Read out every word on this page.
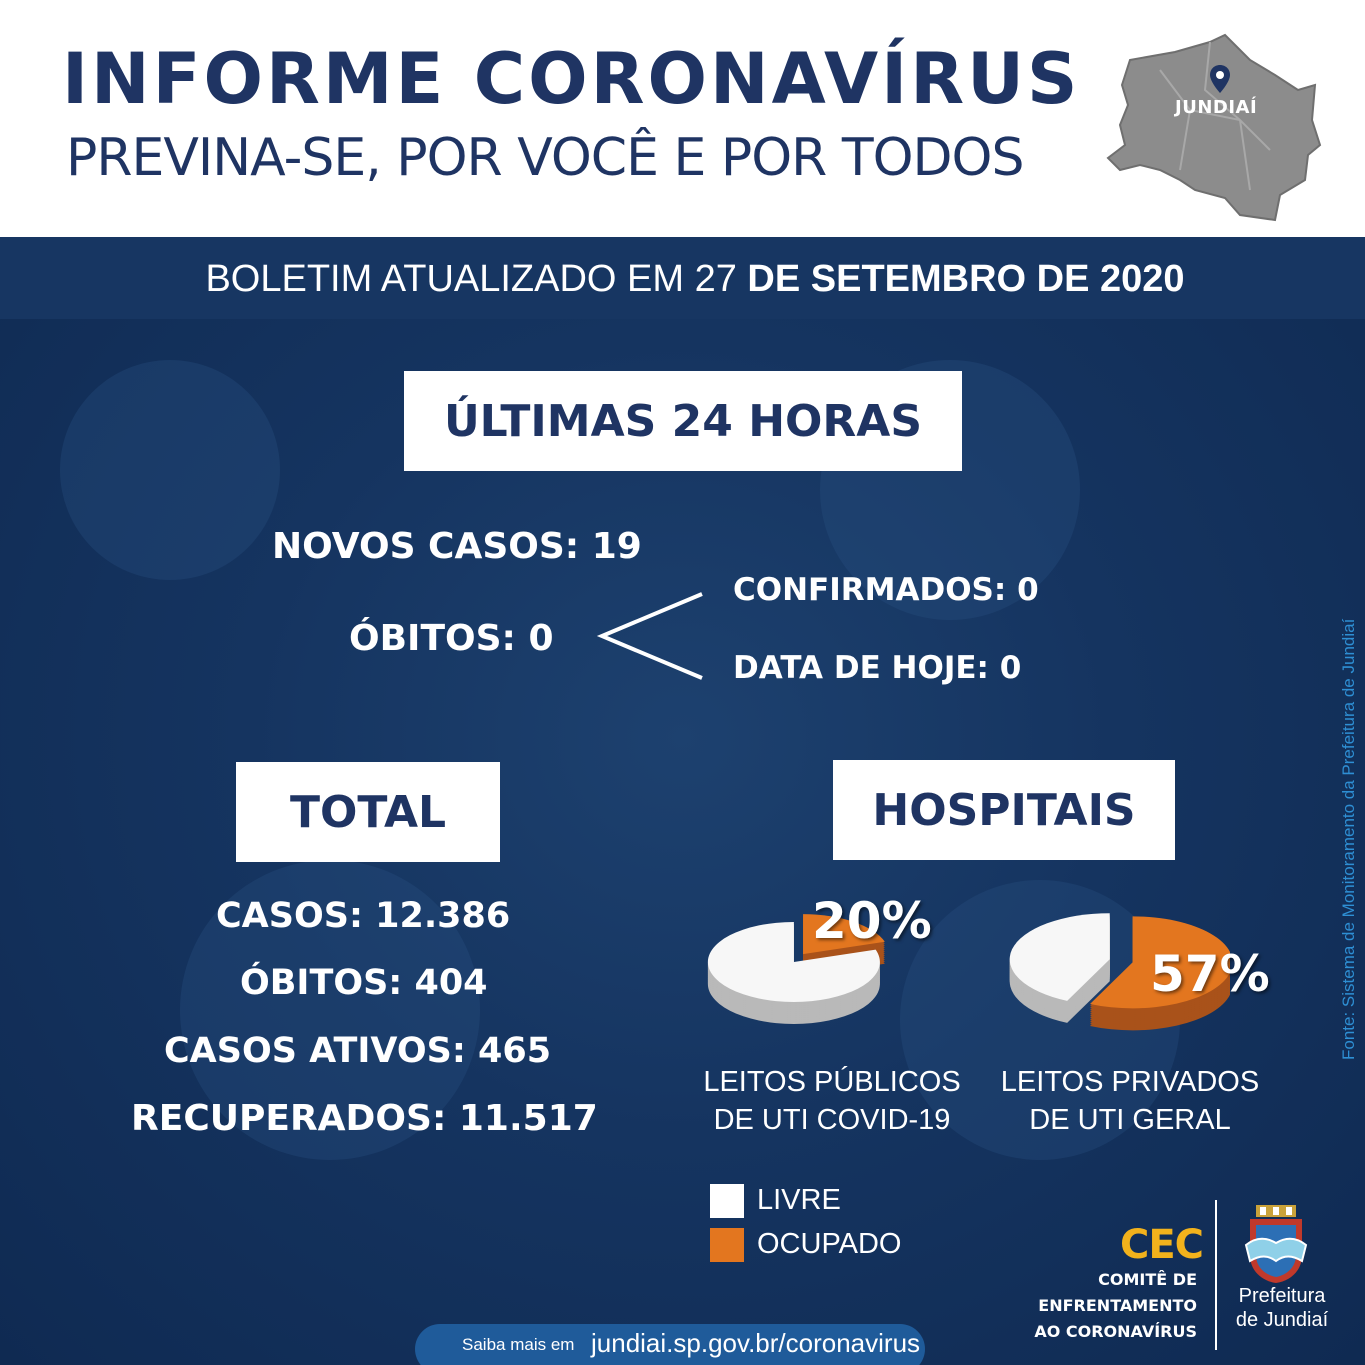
INFORME CORONAVÍRUS
PREVINA-SE, POR VOCÊ E POR TODOS
JUNDIAÍ
BOLETIM ATUALIZADO EM 27 DE SETEMBRO DE 2020
ÚLTIMAS 24 HORAS
NOVOS CASOS: 19
ÓBITOS: 0
CONFIRMADOS: 0
DATA DE HOJE: 0
TOTAL
CASOS: 12.386
ÓBITOS: 404
CASOS ATIVOS: 465
RECUPERADOS: 11.517
HOSPITAIS
20%
57%
LEITOS PÚBLICOS
DE UTI COVID-19
LEITOS PRIVADOS
DE UTI GERAL
LIVRE
OCUPADO
Fonte: Sistema de Monitoramento da Prefeitura de Jundiaí
CEC
COMITÊ DE
ENFRENTAMENTO
AO CORONAVÍRUS
Prefeitura
de Jundiaí
Saiba mais em jundiai.sp.gov.br/coronavirus
